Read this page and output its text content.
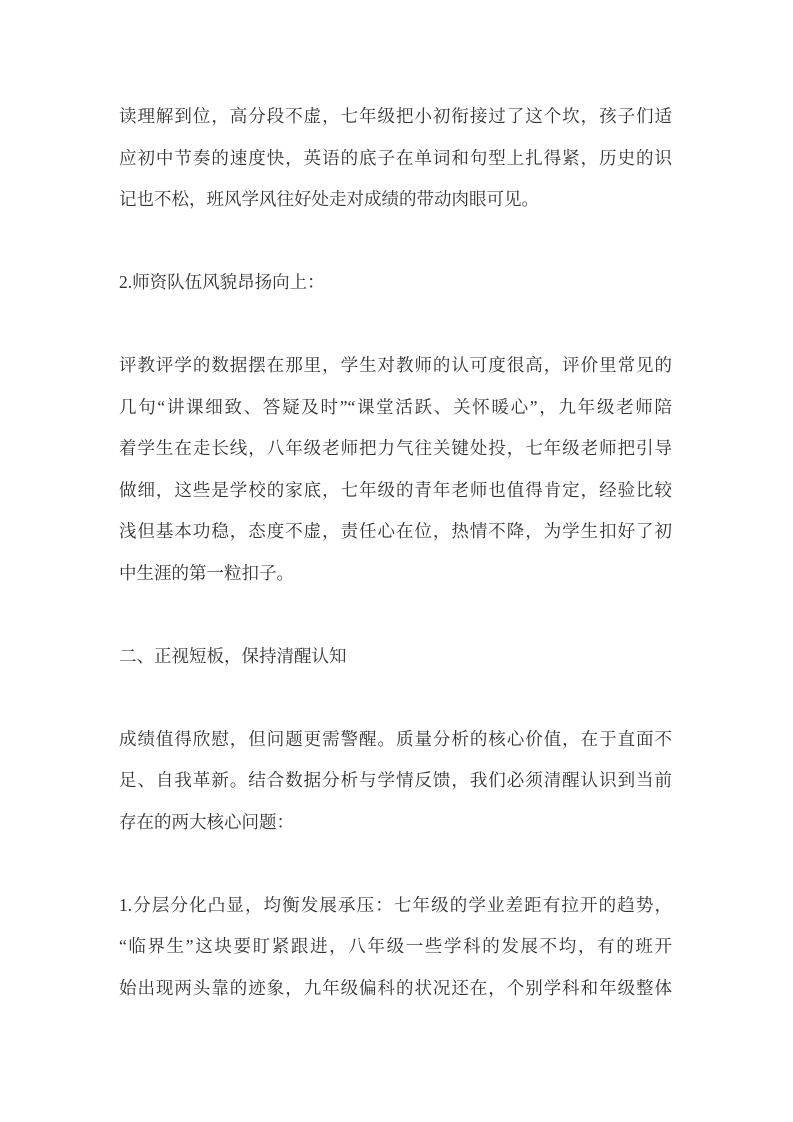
读理解到位，高分段不虚，七年级把小初衔接过了这个坎，孩子们适
应初中节奏的速度快，英语的底子在单词和句型上扎得紧，历史的识
记也不松，班风学风往好处走对成绩的带动肉眼可见。

2.师资队伍风貌昂扬向上：

评教评学的数据摆在那里，学生对教师的认可度很高，评价里常见的
几句“讲课细致、答疑及时”“课堂活跃、关怀暖心”，九年级老师陪
着学生在走长线，八年级老师把力气往关键处投，七年级老师把引导
做细，这些是学校的家底，七年级的青年老师也值得肯定，经验比较
浅但基本功稳，态度不虚，责任心在位，热情不降，为学生扣好了初
中生涯的第一粒扣子。

二、正视短板，保持清醒认知

成绩值得欣慰，但问题更需警醒。质量分析的核心价值，在于直面不
足、自我革新。结合数据分析与学情反馈，我们必须清醒认识到当前
存在的两大核心问题：

1.分层分化凸显，均衡发展承压：七年级的学业差距有拉开的趋势，
“临界生”这块要盯紧跟进，八年级一些学科的发展不均，有的班开
始出现两头靠的迹象，九年级偏科的状况还在，个别学科和年级整体
